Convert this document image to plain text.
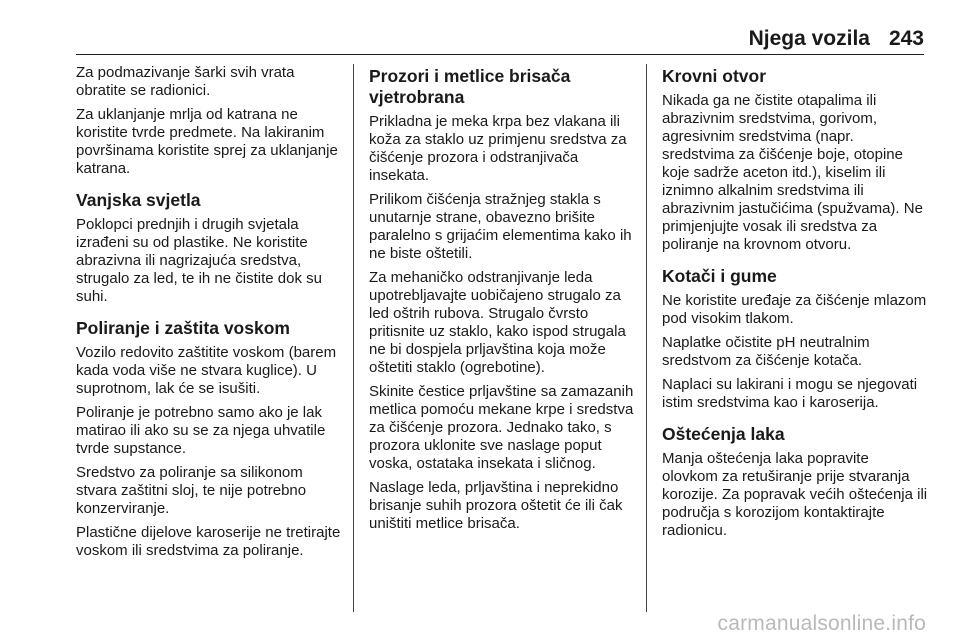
Njega vozila 243

Za podmazivanje šarki svih vrata obratite se radionici.

Za uklanjanje mrlja od katrana ne koristite tvrde predmete. Na lakiranim površinama koristite sprej za uklanjanje katrana.

Vanjska svjetla

Poklopci prednjih i drugih svjetala izrađeni su od plastike. Ne koristite abrazivna ili nagrizajuća sredstva, strugalo za led, te ih ne čistite dok su suhi.

Poliranje i zaštita voskom

Vozilo redovito zaštitite voskom (barem kada voda više ne stvara kuglice). U suprotnom, lak će se isušiti.

Poliranje je potrebno samo ako je lak matirao ili ako su se za njega uhvatile tvrde supstance.

Sredstvo za poliranje sa silikonom stvara zaštitni sloj, te nije potrebno konzerviranje.

Plastične dijelove karoserije ne tretirajte voskom ili sredstvima za poliranje.

Prozori i metlice brisača vjetrobrana

Prikladna je meka krpa bez vlakana ili koža za staklo uz primjenu sredstva za čišćenje prozora i odstranjivača insekata.

Prilikom čišćenja stražnjeg stakla s unutarnje strane, obavezno brišite paralelno s grijaćim elementima kako ih ne biste oštetili.

Za mehaničko odstranjivanje leda upotrebljavajte uobičajeno strugalo za led oštrih rubova. Strugalo čvrsto pritisnite uz staklo, kako ispod strugala ne bi dospjela prljavština koja može oštetiti staklo (ogrebotine).

Skinite čestice prljavštine sa zamazanih metlica pomoću mekane krpe i sredstva za čišćenje prozora. Jednako tako, s prozora uklonite sve naslage poput voska, ostataka insekata i sličnog.

Naslage leda, prljavština i neprekidno brisanje suhih prozora oštetit će ili čak uništiti metlice brisača.

Krovni otvor

Nikada ga ne čistite otapalima ili abrazivnim sredstvima, gorivom, agresivnim sredstvima (napr. sredstvima za čišćenje boje, otopine koje sadrže aceton itd.), kiselim ili iznimno alkalnim sredstvima ili abrazivnim jastučićima (spužvama). Ne primjenjujte vosak ili sredstva za poliranje na krovnom otvoru.

Kotači i gume

Ne koristite uređaje za čišćenje mlazom pod visokim tlakom.

Naplatke očistite pH neutralnim sredstvom za čišćenje kotača.

Naplaci su lakirani i mogu se njegovati istim sredstvima kao i karoserija.

Oštećenja laka

Manja oštećenja laka popravite olovkom za retuširanje prije stvaranja korozije. Za popravak većih oštećenja ili područja s korozijom kontaktirajte radionicu.

carmanualsonline.info
